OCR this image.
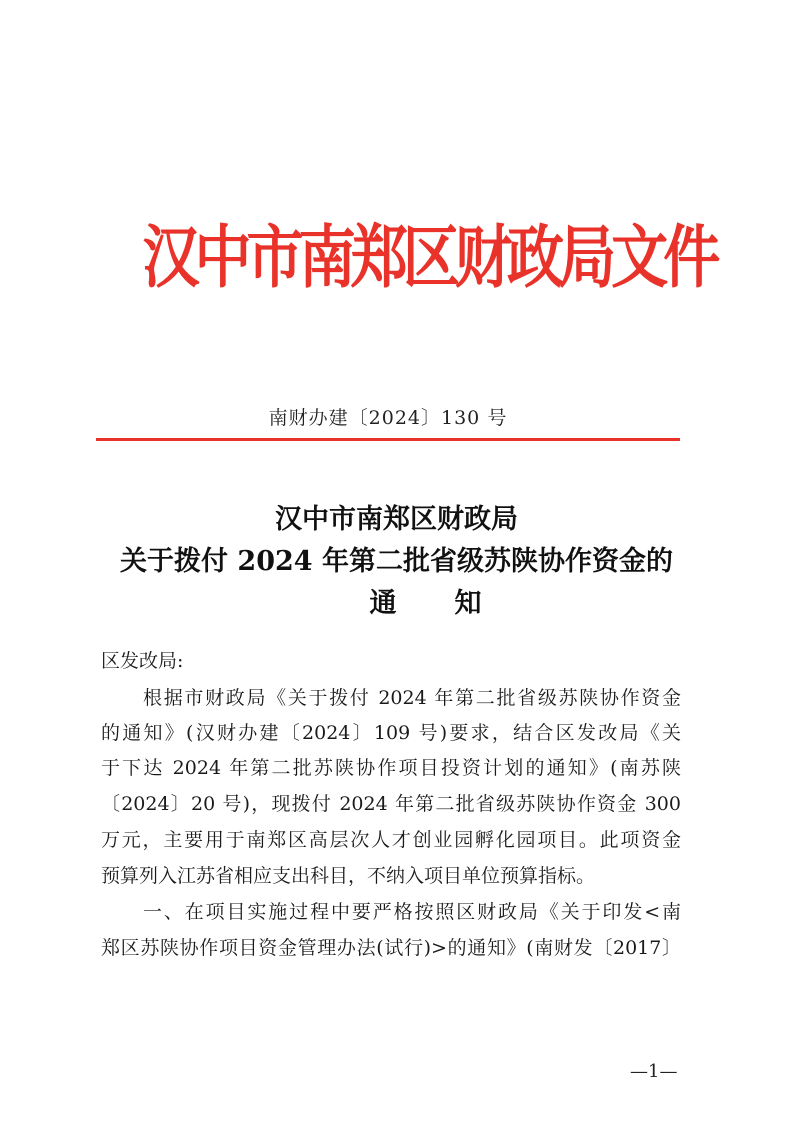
汉中市南郑区财政局文件
南财办建〔2024〕130 号
汉中市南郑区财政局
关于拨付 2024 年第二批省级苏陕协作资金的
通知
区发改局:
根据市财政局《关于拨付 2024 年第二批省级苏陕协作资金
的通知》(汉财办建〔2024〕109 号)要求，结合区发改局《关
于下达 2024 年第二批苏陕协作项目投资计划的通知》(南苏陕
〔2024〕20 号)，现拨付 2024 年第二批省级苏陕协作资金 300
万元，主要用于南郑区高层次人才创业园孵化园项目。此项资金
预算列入江苏省相应支出科目，不纳入项目单位预算指标。
一、在项目实施过程中要严格按照区财政局《关于印发<南
郑区苏陕协作项目资金管理办法(试行)>的通知》(南财发〔2017〕
—1—
